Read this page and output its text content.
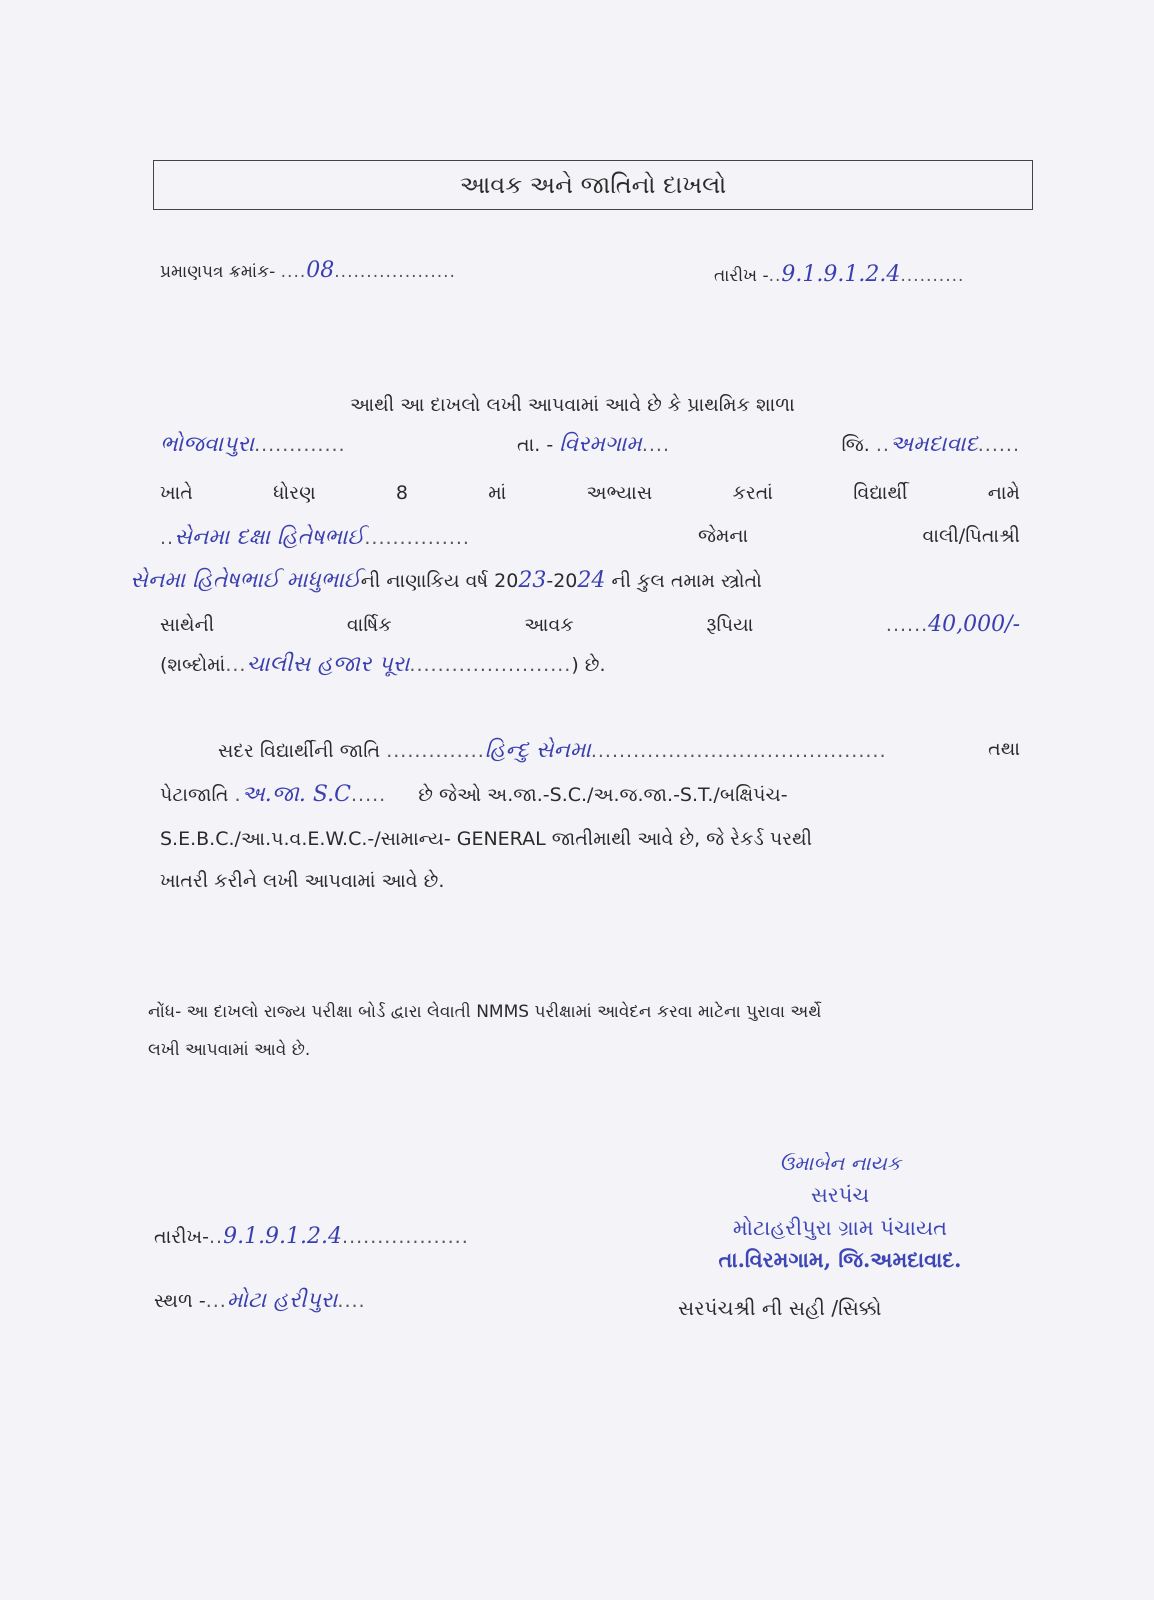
આવક અને જાતિનો દાખલો
પ્રમાણપત્ર ક્રમાંક- ....08...................	તારીખ -..9.1.9.1.2.4..........
આથી આ દાખલો લખી આપવામાં આવે છે કે પ્રાથમિક શાળા
ભોજવાપુરા.............	તા. - વિરમગામ....	જિ. ..અમદાવાદ......
ખાતે	ધોરણ	8	માં	અભ્યાસ	કરતાં	વિદ્યાર્થી	નામે
..સેનમા દક્ષા હિતેષભાઈ...............	જેમના	વાલી/પિતાશ્રી
સેનમા હિતેષભાઈ માધુભાઈની નાણાકિય વર્ષ 2023-2024 ની કુલ તમામ સ્ત્રોતો
સાથેની	વાર્ષિક	આવક	રૂપિયા	......40,000/-
(શબ્દોમાં...ચાલીસ હજાર પૂરા.......................) છે.
સદર વિદ્યાર્થીની જાતિ ..............હિન્દુ સેનમા..........................................	તથા
પેટાજાતિ .અ.જા. S.C..... છે જેઓ અ.જા.-S.C./અ.જ.જા.-S.T./બક્ષિપંચ-
S.E.B.C./આ.પ.વ.E.W.C.-/સામાન્ય- GENERAL જાતીમાથી આવે છે, જે રેકર્ડ પરથી
ખાતરી કરીને લખી આપવામાં આવે છે.
નોંધ- આ દાખલો રાજ્ય પરીક્ષા બોર્ડ દ્વારા લેવાતી NMMS પરીક્ષામાં આવેદન કરવા માટેના પુરાવા અર્થે
લખી આપવામાં આવે છે.
ઉમાબેન નાયક
સરપંચ
મોટાહરીપુરા ગ્રામ પંચાયત
તા.વિરમગામ, જિ.અમદાવાદ.
તારીખ-..9.1.9.1.2.4..................
સ્થળ -...મોટા હરીપુરા....	સરપંચશ્રી ની સહી /સિક્કો
